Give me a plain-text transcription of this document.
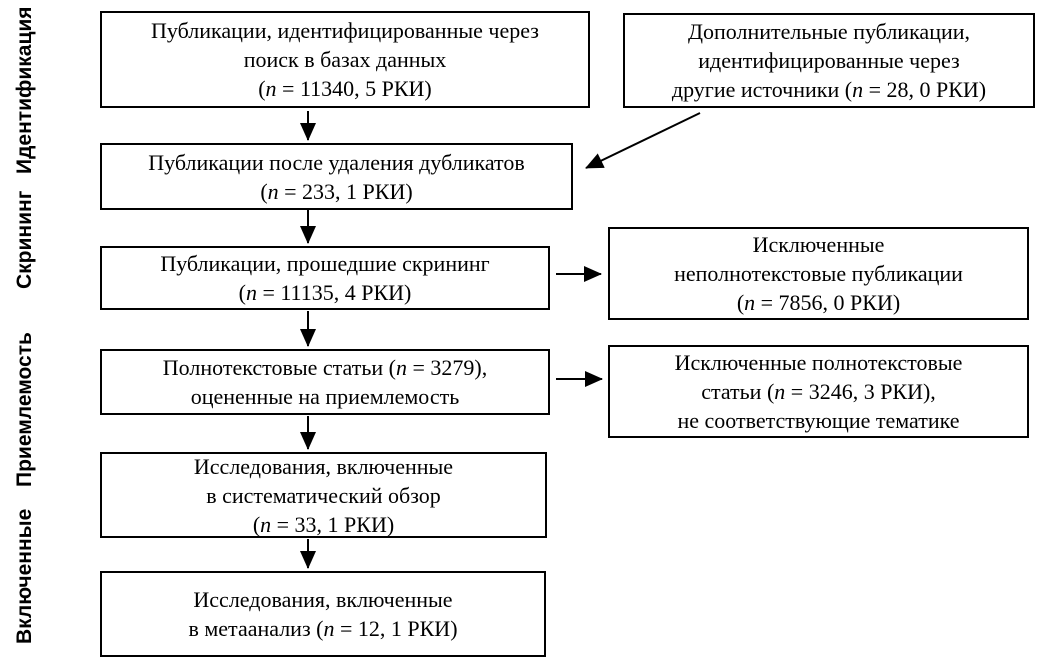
Идентификация
Скрининг
Приемлемость
Включенные
Публикации, идентифицированные через
поиск в базах данных
(n = 11340, 5 РКИ)
Дополнительные публикации,
идентифицированные через
другие источники (n = 28, 0 РКИ)
Публикации после удаления дубликатов
(n = 233, 1 РКИ)
Публикации, прошедшие скрининг
(n = 11135, 4 РКИ)
Исключенные
неполнотекстовые публикации
(n = 7856, 0 РКИ)
Полнотекстовые статьи (n = 3279),
оцененные на приемлемость
Исключенные полнотекстовые
статьи (n = 3246, 3 РКИ),
не соответствующие тематике
Исследования, включенные
в систематический обзор
(n = 33, 1 РКИ)
Исследования, включенные
в метаанализ (n = 12, 1 РКИ)
